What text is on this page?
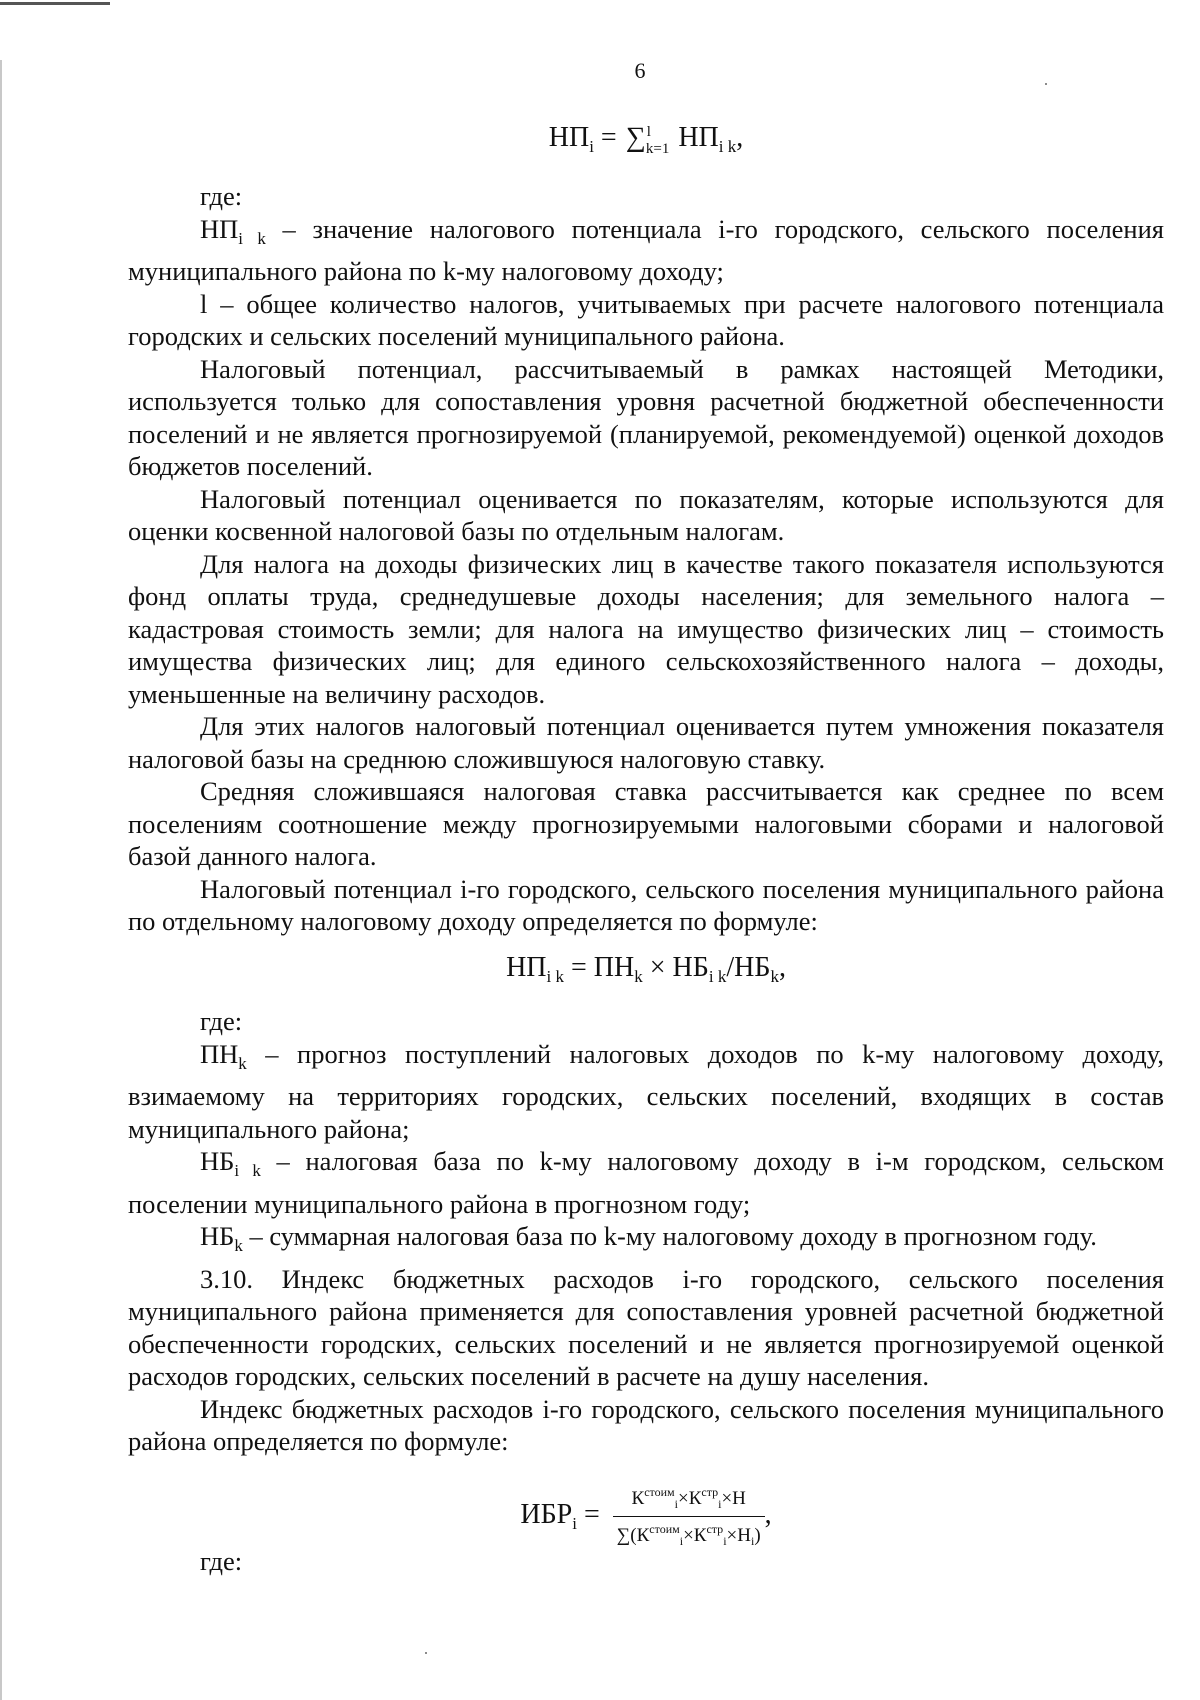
6
$НП_i = \sum^l_{k=1}$ $НП_{i k}$,

где:

$НП_{i k}$ – значение налогового потенциала i-го городского, сельского поселения муниципального района по k-му налоговому доходу;

l – общее количество налогов, учитываемых при расчете налогового потенциала городских и сельских поселений муниципального района.

Налоговый потенциал, рассчитываемый в рамках настоящей Методики, используется только для сопоставления уровня расчетной бюджетной обеспеченности поселений и не является прогнозируемой (планируемой, рекомендуемой) оценкой доходов бюджетов поселений.

Налоговый потенциал оценивается по показателям, которые используются для оценки косвенной налоговой базы по отдельным налогам.

Для налога на доходы физических лиц в качестве такого показателя используются фонд оплаты труда, среднедушевые доходы населения; для земельного налога – кадастровая стоимость земли; для налога на имущество физических лиц – стоимость имущества физических лиц; для единого сельскохозяйственного налога – доходы, уменьшенные на величину расходов.

Для этих налогов налоговый потенциал оценивается путем умножения показателя налоговой базы на среднюю сложившуюся налоговую ставку.

Средняя сложившаяся налоговая ставка рассчитывается как среднее по всем поселениям соотношение между прогнозируемыми налоговыми сборами и налоговой базой данного налога.

Налоговый потенциал i-го городского, сельского поселения муниципального района по отдельному налоговому доходу определяется по формуле:

$НП_{i k} = ПН_k \times НБ_{i k}/НБ_k$,

где:

$ПН_k$ – прогноз поступлений налоговых доходов по k-му налоговому доходу, взимаемому на территориях городских, сельских поселений, входящих в состав муниципального района;

$НБ_{i k}$ – налоговая база по k-му налоговому доходу в i-м городском, сельском поселении муниципального района в прогнозном году;

$НБ_k$ – суммарная налоговая база по k-му налоговому доходу в прогнозном году.

3.10. Индекс бюджетных расходов i-го городского, сельского поселения муниципального района применяется для сопоставления уровней расчетной бюджетной обеспеченности городских, сельских поселений и не является прогнозируемой оценкой расходов городских, сельских поселений в расчете на душу населения.

Индекс бюджетных расходов i-го городского, сельского поселения муниципального района определяется по формуле:

$ИБР_i = \frac{К^{стоим}_i\times К^{стр}_i\times Н}{\sum(К^{стоим}_i\times К^{стр}_i\times Н_i)}$ ,

где:
